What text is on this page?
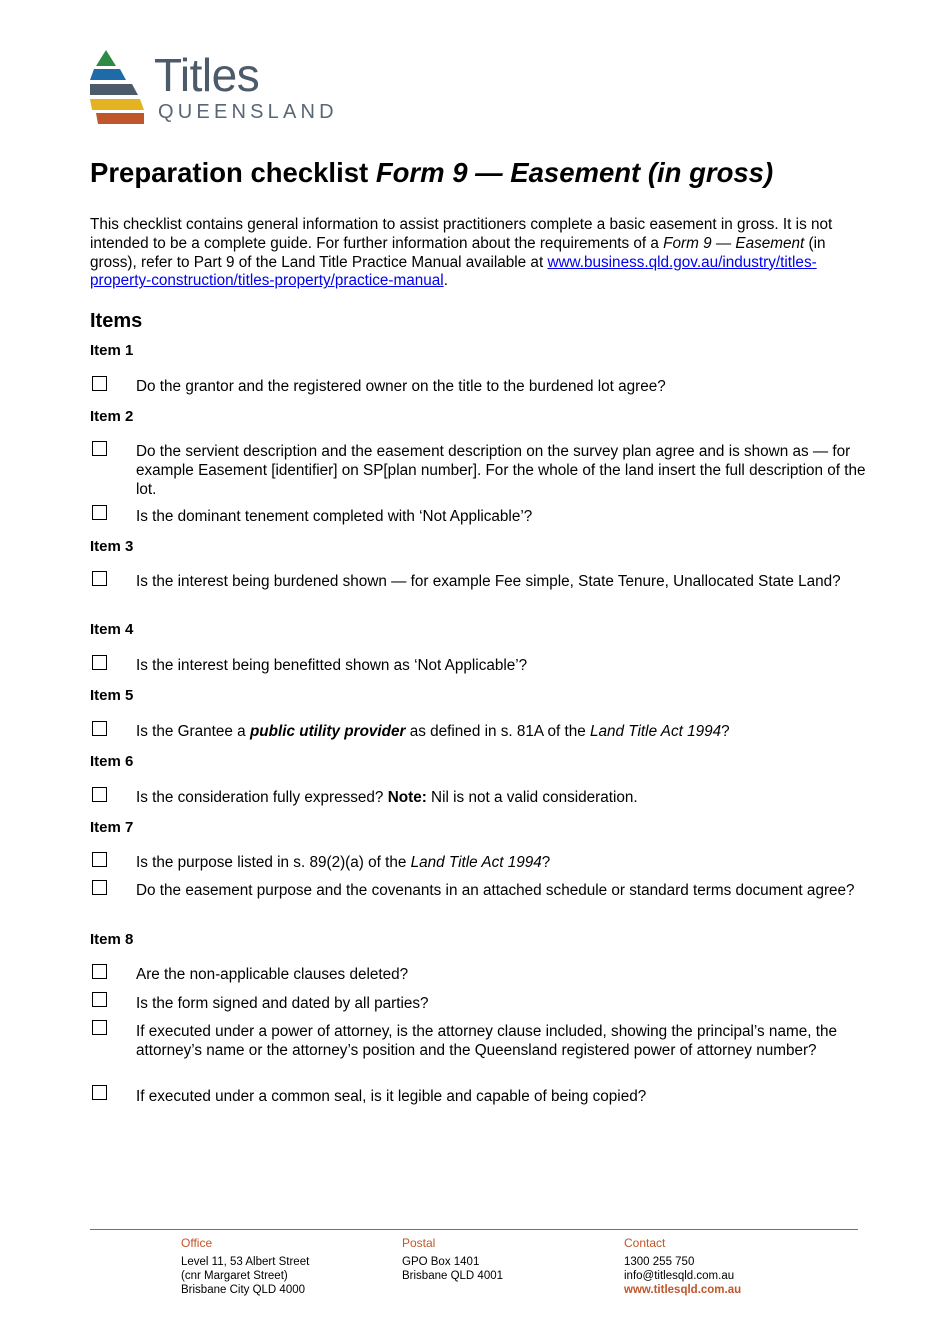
Titles
QUEENSLAND
Preparation checklist Form 9 — Easement (in gross)

This checklist contains general information to assist practitioners complete a basic easement in gross. It is not intended to be a complete guide. For further information about the requirements of a Form 9 — Easement (in gross), refer to Part 9 of the Land Title Practice Manual available at www.business.qld.gov.au/industry/titles-property-construction/titles-property/practice-manual.

Items
Item 1

Do the grantor and the registered owner on the title to the burdened lot agree?

Item 2

Do the servient description and the easement description on the survey plan agree and is shown as — for example Easement [identifier] on SP[plan number]. For the whole of the land insert the full description of the lot.

Is the dominant tenement completed with ‘Not Applicable’?

Item 3

Is the interest being burdened shown — for example Fee simple, State Tenure, Unallocated State Land?

Item 4

Is the interest being benefitted shown as ‘Not Applicable’?

Item 5

Is the Grantee a public utility provider as defined in s. 81A of the Land Title Act 1994?

Item 6

Is the consideration fully expressed? Note: Nil is not a valid consideration.

Item 7

Is the purpose listed in s. 89(2)(a) of the Land Title Act 1994?

Do the easement purpose and the covenants in an attached schedule or standard terms document agree?

Item 8

Are the non-applicable clauses deleted?

Is the form signed and dated by all parties?

If executed under a power of attorney, is the attorney clause included, showing the principal’s name, the attorney’s name or the attorney’s position and the Queensland registered power of attorney number?

If executed under a common seal, is it legible and capable of being copied?

Office
Level 11, 53 Albert Street
(cnr Margaret Street)
Brisbane City QLD 4000
Postal
GPO Box 1401
Brisbane QLD 4001
Contact
1300 255 750
info@titlesqld.com.au
www.titlesqld.com.au
